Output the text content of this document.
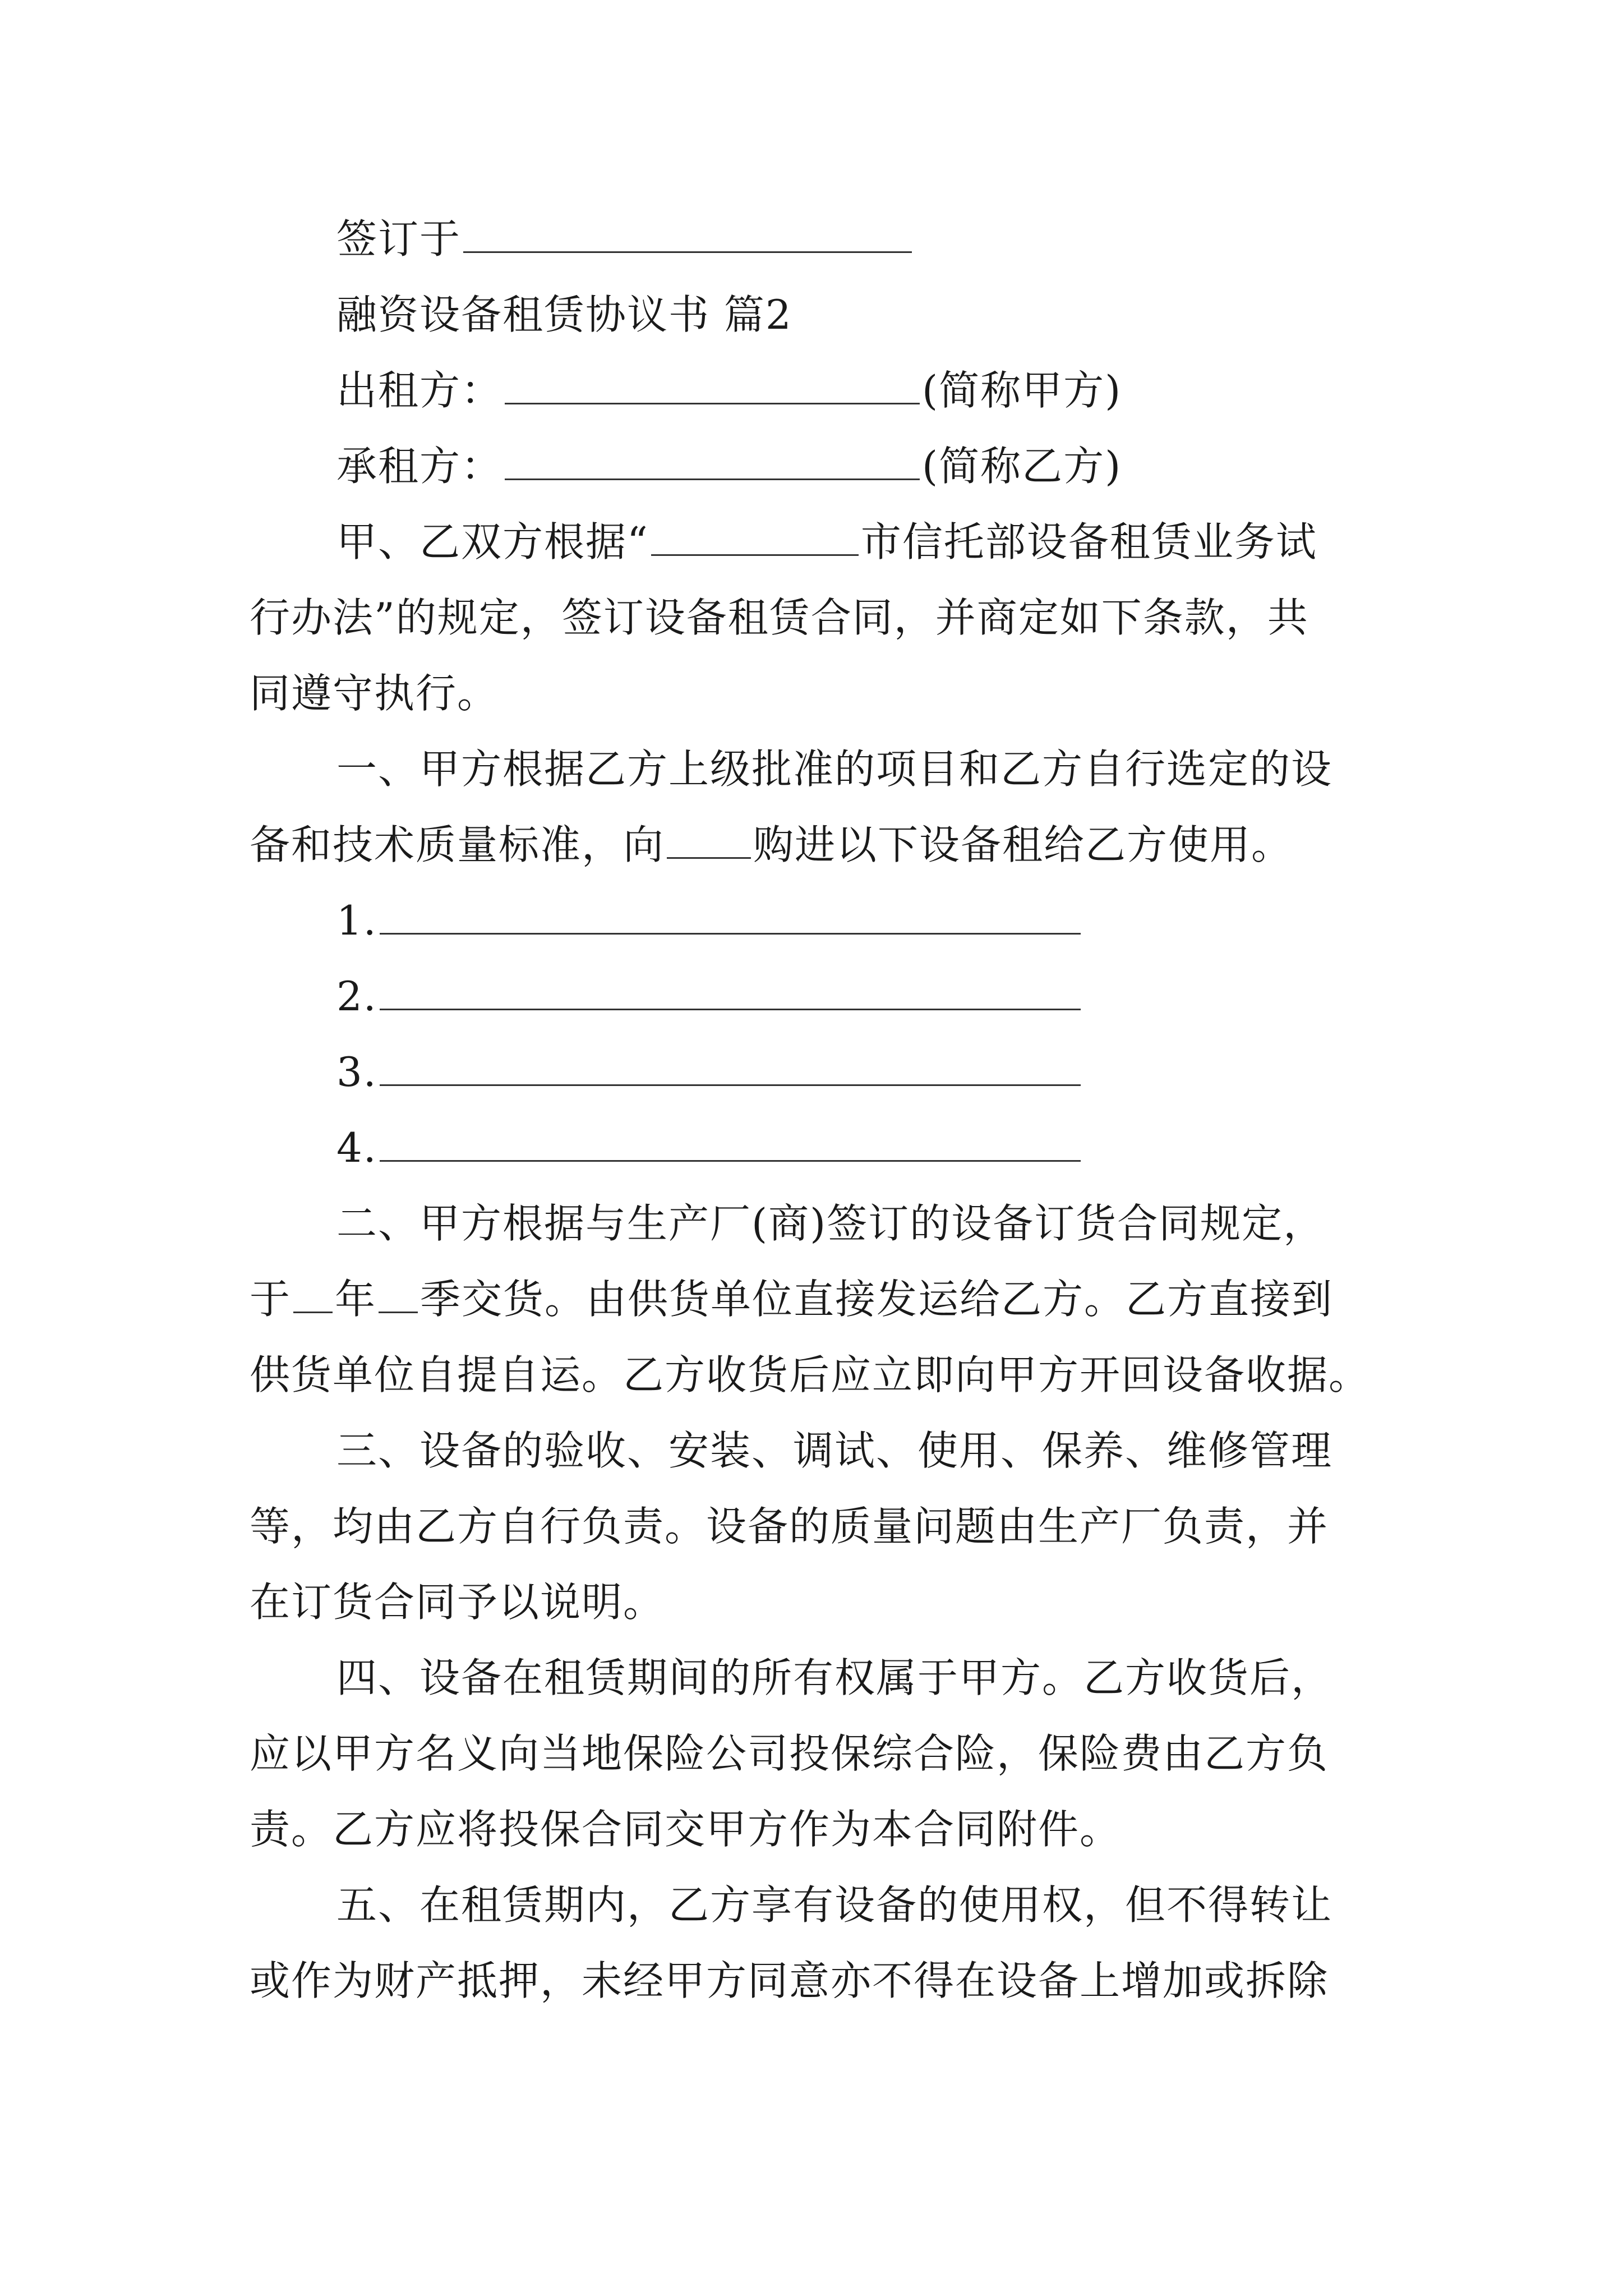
签订于
融资设备租赁协议书 篇2
出租方：	(简称甲方)
承租方：	(简称乙方)
甲、乙双方根据“	市信托部设备租赁业务试
行办法”的规定，签订设备租赁合同，并商定如下条款，共
同遵守执行。
一、甲方根据乙方上级批准的项目和乙方自行选定的设
备和技术质量标准，向 购进以下设备租给乙方使用。
1.
2.
3.
4.
二、甲方根据与生产厂(商)签订的设备订货合同规定，
于 年 季交货。由供货单位直接发运给乙方。乙方直接到
供货单位自提自运。乙方收货后应立即向甲方开回设备收据。
三、设备的验收、安装、调试、使用、保养、维修管理
等，均由乙方自行负责。设备的质量问题由生产厂负责，并
在订货合同予以说明。
四、设备在租赁期间的所有权属于甲方。乙方收货后，
应以甲方名义向当地保险公司投保综合险，保险费由乙方负
责。乙方应将投保合同交甲方作为本合同附件。
五、在租赁期内，乙方享有设备的使用权，但不得转让
或作为财产抵押，未经甲方同意亦不得在设备上增加或拆除
